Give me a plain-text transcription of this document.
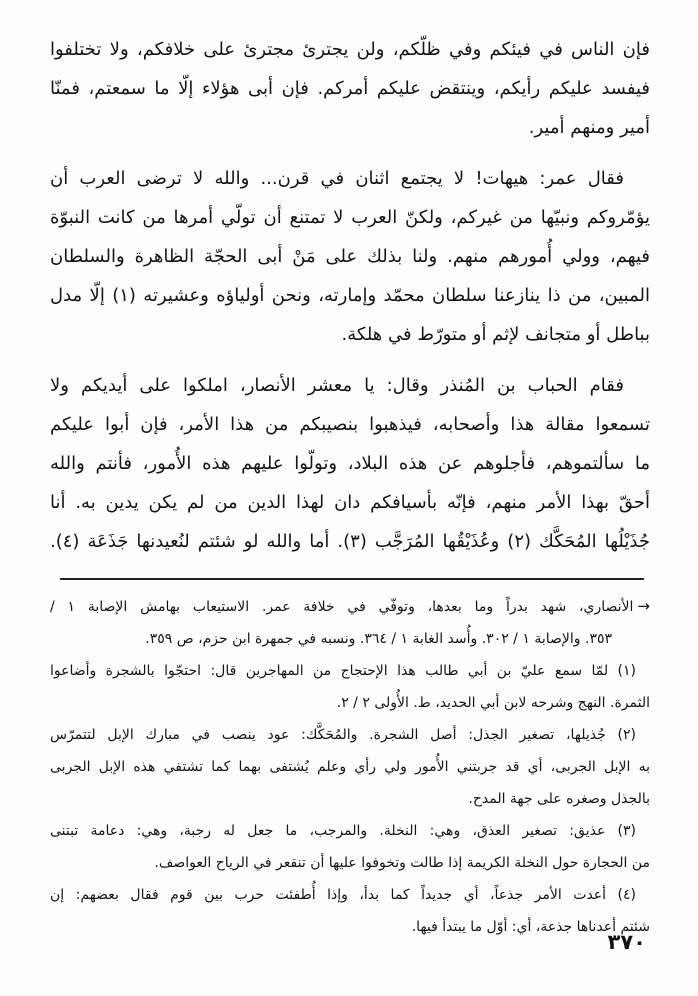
فإن الناس في فيئكم وفي ظلّكم، ولن يجترئ مجترئ على خلافكم، ولا تختلفوا
فيفسد عليكم رأيكم، وينتقض عليكم أمركم. فإن أبى هؤلاء إلّا ما سمعتم، فمنّا
أمير ومنهم أمير.
فقال عمر: هيهات! لا يجتمع اثنان في قرن... والله لا ترضى العرب أن
يؤمّروكم ونبيّها من غيركم، ولكنّ العرب لا تمتنع أن تولّي أمرها من كانت النبوّة
فيهم، وولي أُمورهم منهم. ولنا بذلك على مَنْ أبى الحجّة الظاهرة والسلطان
المبين، من ذا ينازعنا سلطان محمّد وإمارته، ونحن أولياؤه وعشيرته (١) إلّا مدل
بباطل أو متجانف لإثم أو متورّط في هلكة.
فقام الحباب بن المُنذر وقال: يا معشر الأنصار، املكوا على أيديكم ولا
تسمعوا مقالة هذا وأصحابه، فيذهبوا بنصيبكم من هذا الأمر، فإن أبوا عليكم
ما سألتموهم، فأجلوهم عن هذه البلاد، وتولّوا عليهم هذه الأُمور، فأنتم والله
أحقّ بهذا الأمر منهم، فإنّه بأسيافكم دان لهذا الدين من لم يكن يدين به. أنا
جُذَيْلُها المُحَكَّك (٢) وعُذَيْقُها المُرَجَّب (٣). أما والله لو شئتم لنُعيدنها جَذَعَة (٤).
→الأنصاري، شهد بدراً وما بعدها، وتوفّي في خلافة عمر. الاستيعاب بهامش الإصابة ١ /
٣٥٣. والإصابة ١ / ٣٠٢. وأُسد الغابة ١ / ٣٦٤. ونسبه في جمهرة ابن حزم، ص ٣٥٩.
(١) لمّا سمع عليّ بن أبي طالب هذا الإحتجاج من المهاجرين قال: احتجّوا بالشجرة وأضاعوا
الثمرة. النهج وشرحه لابن أبي الحديد، ط. الأُولى ٢ / ٢.
(٢) جُذيلها، تصغير الجذل: أصل الشجرة. والمُحَكَّك: عود ينصب في مبارك الإبل لتتمرّس
به الإبل الجربى، أي قد جربتني الأُمور ولي رأي وعلم يُشتفى بهما كما تشتفي هذه الإبل الجربى
بالجذل وصغره على جهة المدح.
(٣) عذيق: تصغير العذق، وهي: النخلة. والمرجب، ما جعل له رجبة، وهي: دعامة تبتنى
من الحجارة حول النخلة الكريمة إذا طالت وتخوفوا عليها أن تنقعر في الرياح العواصف.
(٤) أعدت الأمر جذعاً، أي جديداً كما بدأ، وإذا أُطفئت حرب بين قوم فقال بعضهم: إن
شئتم أعدناها جذعة، أي: أوّل ما يبتدأ فيها.
٣٧٠
